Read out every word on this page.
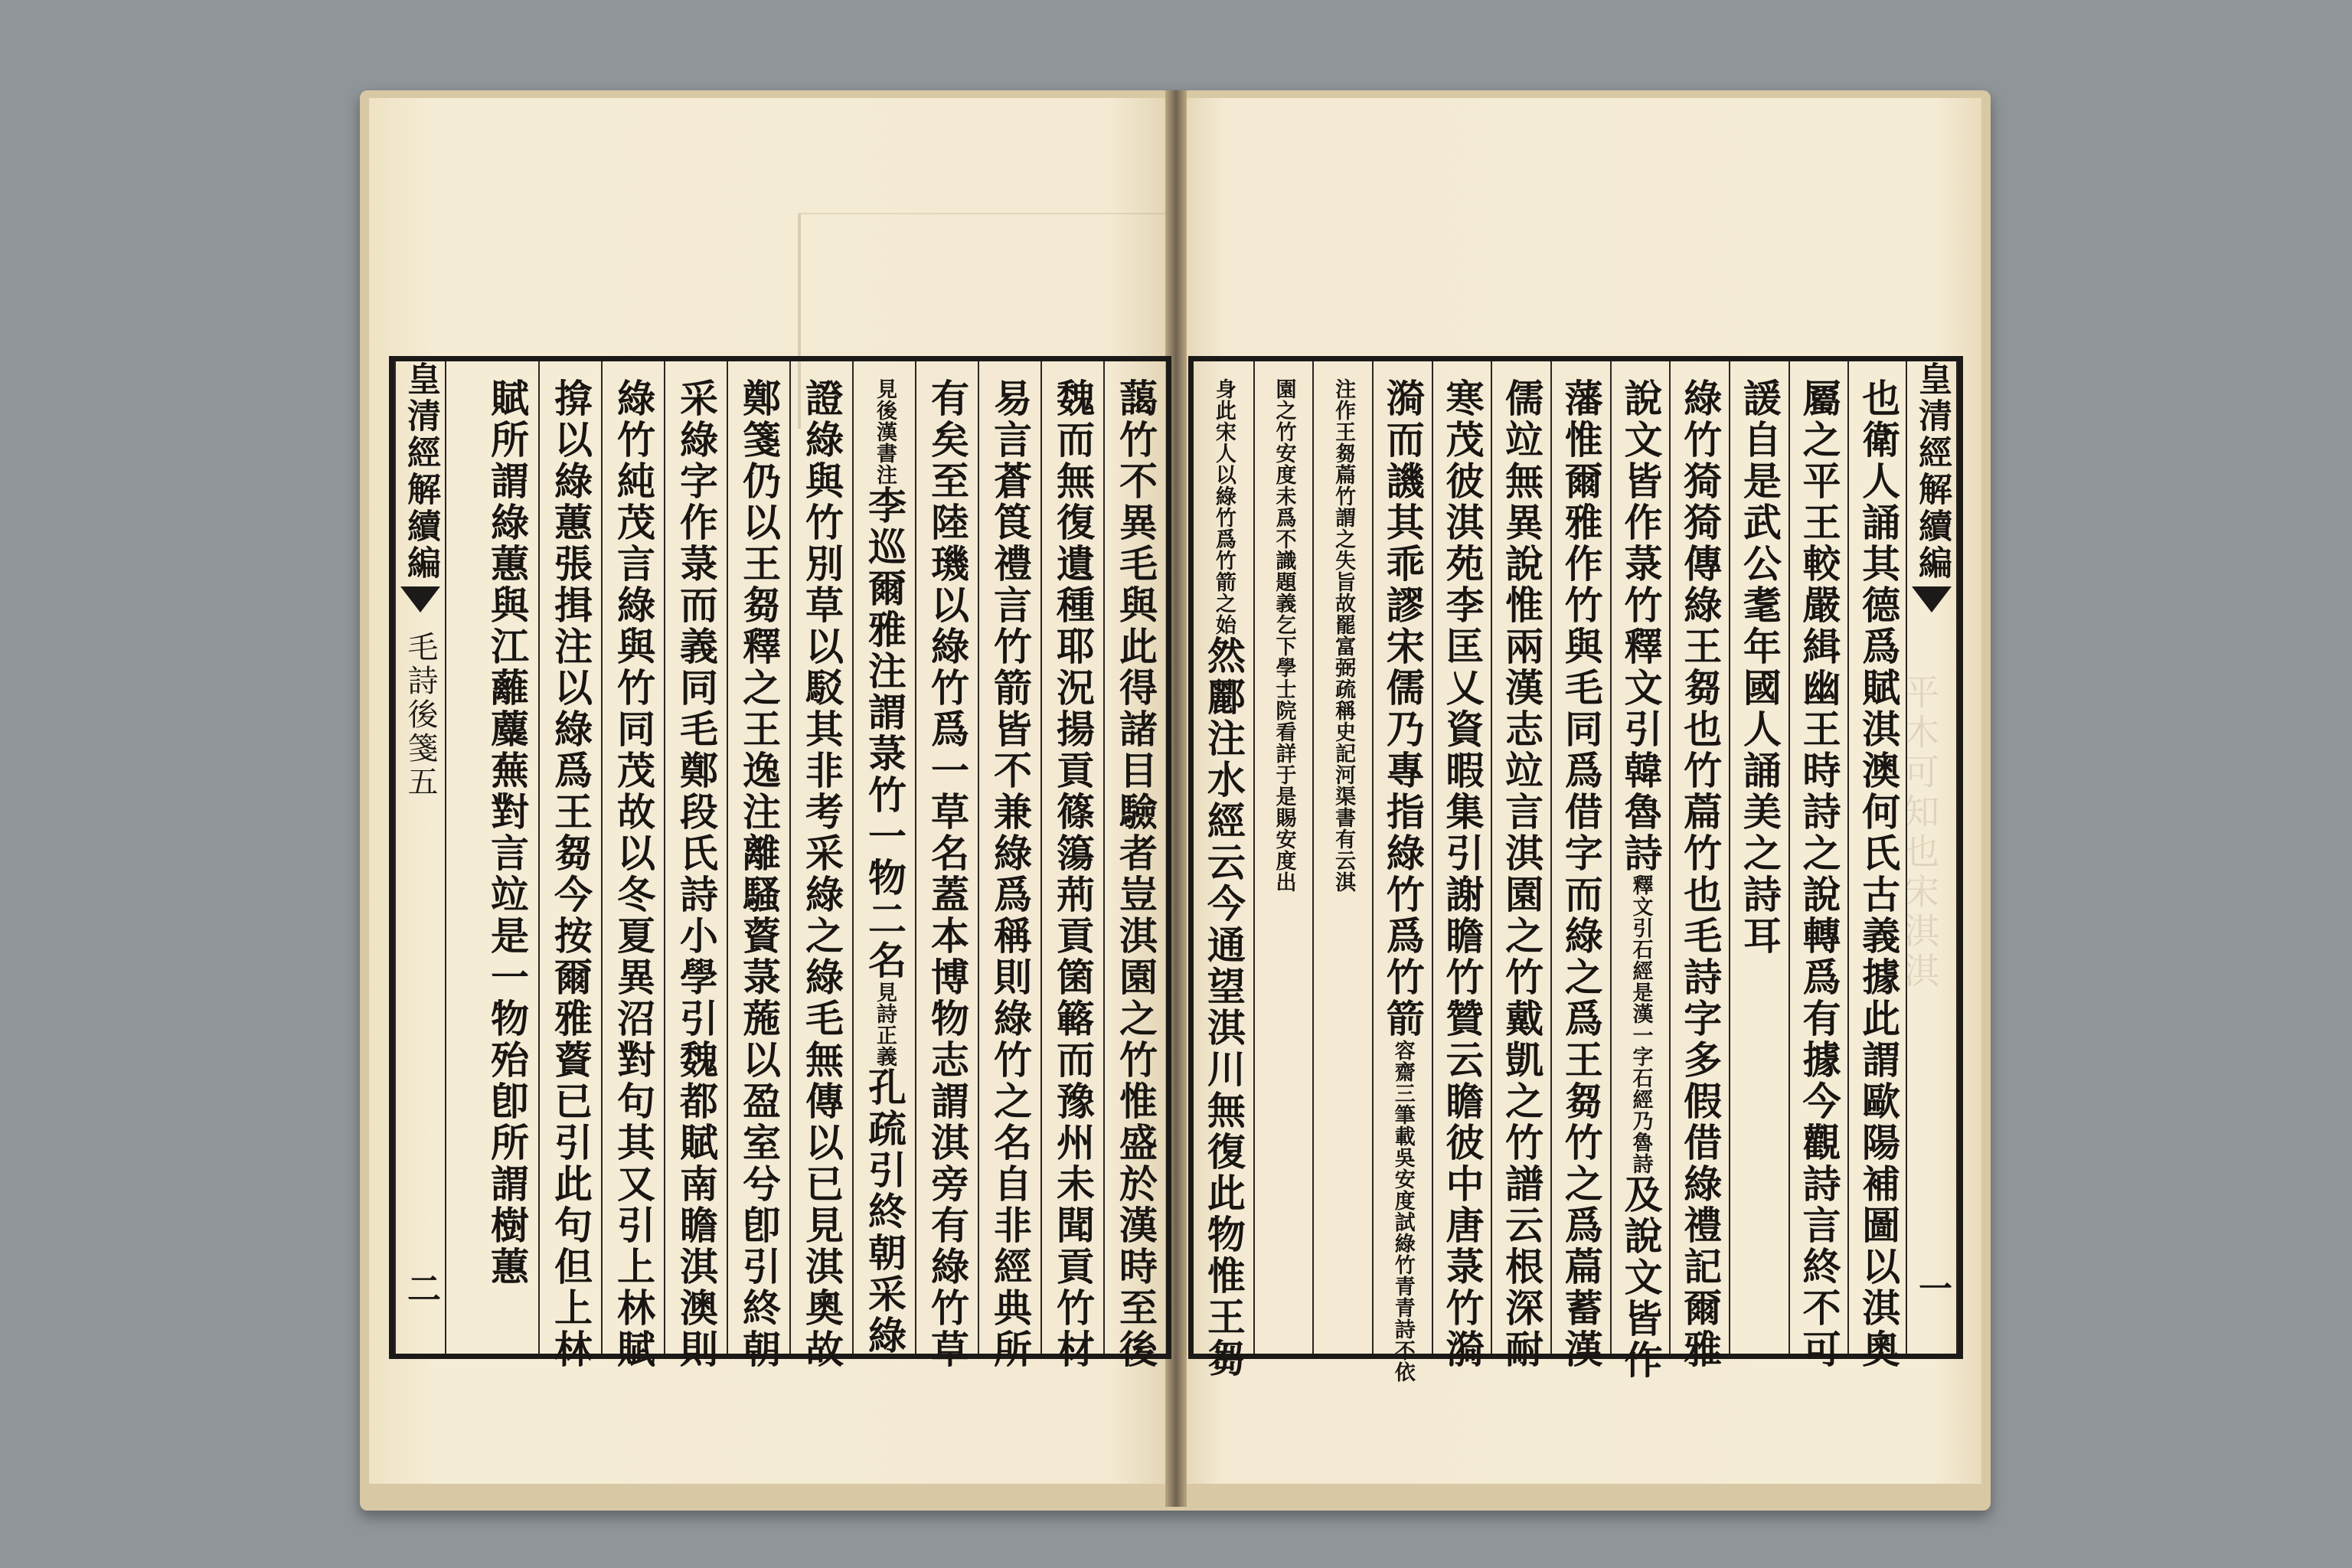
平木可知也宋淇淇
皇清經解續編
毛詩後箋五
二	藹竹不異毛與此得諸目驗者豈淇園之竹惟盛於漢時至後
魏而無復遺種耶況揚貢篠簜荊貢箘簵而豫州未聞貢竹材
易言蒼筤禮言竹箭皆不兼綠爲稱則綠竹之名自非經典所
有矣至陸璣以綠竹爲一草名蓋本博物志謂淇旁有綠竹草
見後漢書注李巡爾雅注謂菉竹一物二名見詩正義孔疏引終朝采綠
證綠與竹別草以駁其非考采綠之綠毛無傳以已見淇奧故
鄭箋仍以王芻釋之王逸注離騷薋菉葹以盈室兮卽引終朝
采綠字作菉而義同毛鄭段氏詩小學引魏都賦南瞻淇澳則
綠竹純茂言綠與竹同茂故以冬夏異沼對句其又引上林賦
揜以綠蕙張揖注以綠爲王芻今按爾雅薋已引此句但上林
賦所謂綠蕙與江蘺蘪蕪對言竝是一物殆卽所謂樹蕙	也衛人誦其德爲賦淇澳何氏古義據此謂歐陽補圖以淇奧
屬之平王較嚴緝幽王時詩之說轉爲有據今觀詩言終不可
諼自是武公耄年國人誦美之詩耳
綠竹猗猗傳綠王芻也竹萹竹也毛詩字多假借綠禮記爾雅
說文皆作菉竹釋文引韓魯詩釋文引石經是漢一字石經乃魯詩及說文皆作
藩惟爾雅作竹與毛同爲借字而綠之爲王芻竹之爲萹蓄漢
儒竝無異說惟兩漢志竝言淇園之竹戴凱之竹譜云根深耐
寒茂彼淇苑李匡乂資暇集引謝瞻竹贊云瞻彼中唐菉竹漪
漪而譏其乖謬宋儒乃專指綠竹爲竹箭容齋三筆載吳安度試綠竹青青詩不依
注作王芻萹竹謂之失旨故罷富弼疏稱史記河渠書有云淇
園之竹安度未爲不識題義乞下學士院看詳于是賜安度出
身此宋人以綠竹爲竹箭之始然酈注水經云今通望淇川無復此物惟王芻
皇清經解續編
一
